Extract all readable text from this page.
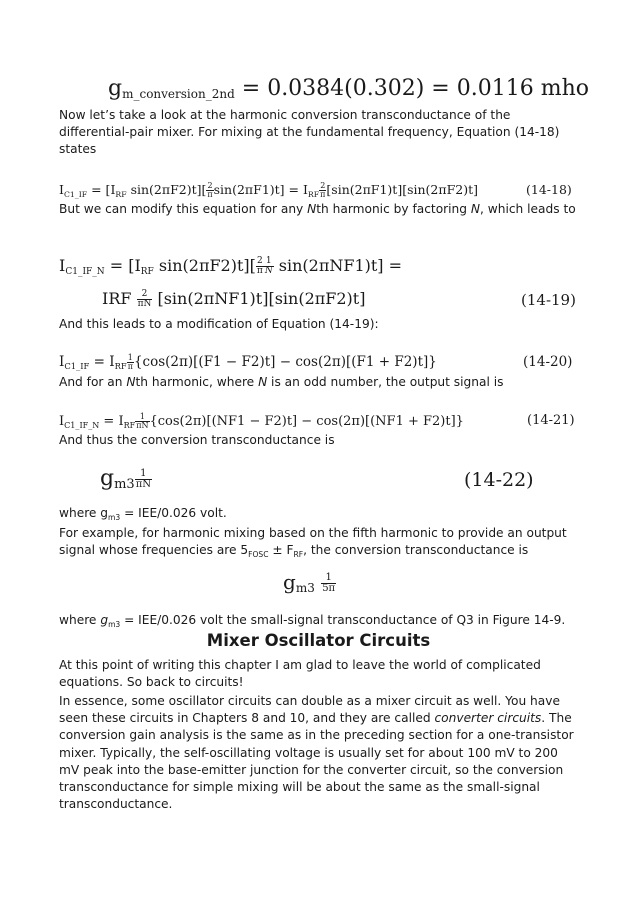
$g_{m\_conversion\_2nd} = 0.0384(0.302) = 0.0116$ mho
Now let’s take a look at the harmonic conversion transconductance of the differential-pair mixer. For mixing at the fundamental frequency, Equation (14-18) states
$I_{C1\_IF} = [I_{RF}$ $\sin(2\pi F2)t][ \frac{2}{\pi} \sin(2\pi F1)t] = I_{RF} \frac{2}{\pi} [\sin(2\pi F1)t][\sin(2\pi F2)t]$	(14-18)
But we can modify this equation for any Nth harmonic by factoring N, which leads to
$I_{C1\_IF\_N} = [I_{RF}$ $\sin(2\pi F2)t][ \frac{2}{\pi} \frac{1}{N} \sin(2\pi NF1)t]$ =
IRF $\frac{2}{\pi N} [\sin(2\pi NF1)t][\sin(2\pi F2)t]$	(14-19)
And this leads to a modification of Equation (14-19):
$I_{C1\_IF} = I_{RF} \frac{1}{\pi} \{\cos(2\pi)[(F1 - F2)t] - \cos(2\pi)[(F1 + F2)t]\}$	(14-20)
And for an Nth harmonic, where N is an odd number, the output signal is
$I_{C1\_IF\_N} = I_{RF} \frac{1}{\pi N} \{\cos(2\pi)[(NF1 - F2)t] - \cos(2\pi)[(NF1 + F2)t]\}$	(14-21)
And thus the conversion transconductance is
$g_{m3} \frac{1}{\pi N}$	(14-22)
where $g_{m3} = IEE/0.026$ volt.
For example, for harmonic mixing based on the fifth harmonic to provide an output signal whose frequencies are $5_{FOSC} \pm F_{RF}$, the conversion transconductance is
$g_{m3} \frac{1}{5\pi}$
where $g_{m3} = IEE/0.026$ volt the small-signal transconductance of Q3 in Figure 14-9.
Mixer Oscillator Circuits
At this point of writing this chapter I am glad to leave the world of complicated equations. So back to circuits!
In essence, some oscillator circuits can double as a mixer circuit as well. You have seen these circuits in Chapters 8 and 10, and they are called converter circuits. The conversion gain analysis is the same as in the preceding section for a one-transistor mixer. Typically, the self-oscillating voltage is usually set for about 100 mV to 200 mV peak into the base-emitter junction for the converter circuit, so the conversion transconductance for simple mixing will be about the same as the small-signal transconductance.
